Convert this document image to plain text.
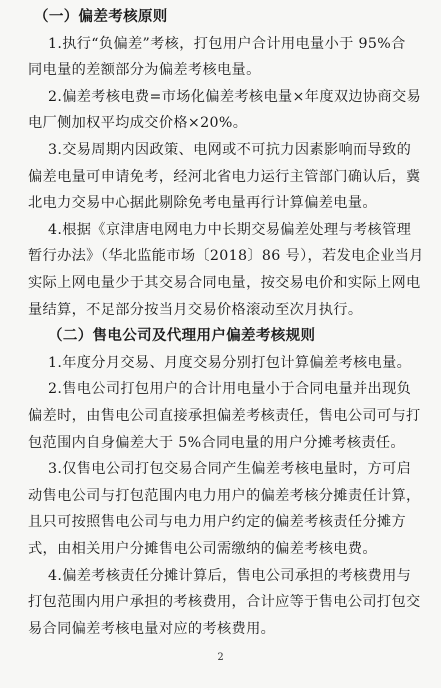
2
（一）偏差考核原则
1.执行“负偏差”考核，打包用户合计用电量小于 95%合
同电量的差额部分为偏差考核电量。
2.偏差考核电费=市场化偏差考核电量×年度双边协商交易
电厂侧加权平均成交价格×20%。
3.交易周期内因政策、电网或不可抗力因素影响而导致的
偏差电量可申请免考，经河北省电力运行主管部门确认后，冀
北电力交易中心据此剔除免考电量再行计算偏差电量。
4.根据《京津唐电网电力中长期交易偏差处理与考核管理
暂行办法》（华北监能市场〔2018〕86 号），若发电企业当月
实际上网电量少于其交易合同电量，按交易电价和实际上网电
量结算，不足部分按当月交易价格滚动至次月执行。
（二）售电公司及代理用户偏差考核规则
1.年度分月交易、月度交易分别打包计算偏差考核电量。
2.售电公司打包用户的合计用电量小于合同电量并出现负
偏差时，由售电公司直接承担偏差考核责任，售电公司可与打
包范围内自身偏差大于 5%合同电量的用户分摊考核责任。
3.仅售电公司打包交易合同产生偏差考核电量时，方可启
动售电公司与打包范围内电力用户的偏差考核分摊责任计算，
且只可按照售电公司与电力用户约定的偏差考核责任分摊方
式，由相关用户分摊售电公司需缴纳的偏差考核电费。
4.偏差考核责任分摊计算后，售电公司承担的考核费用与
打包范围内用户承担的考核费用，合计应等于售电公司打包交
易合同偏差考核电量对应的考核费用。
